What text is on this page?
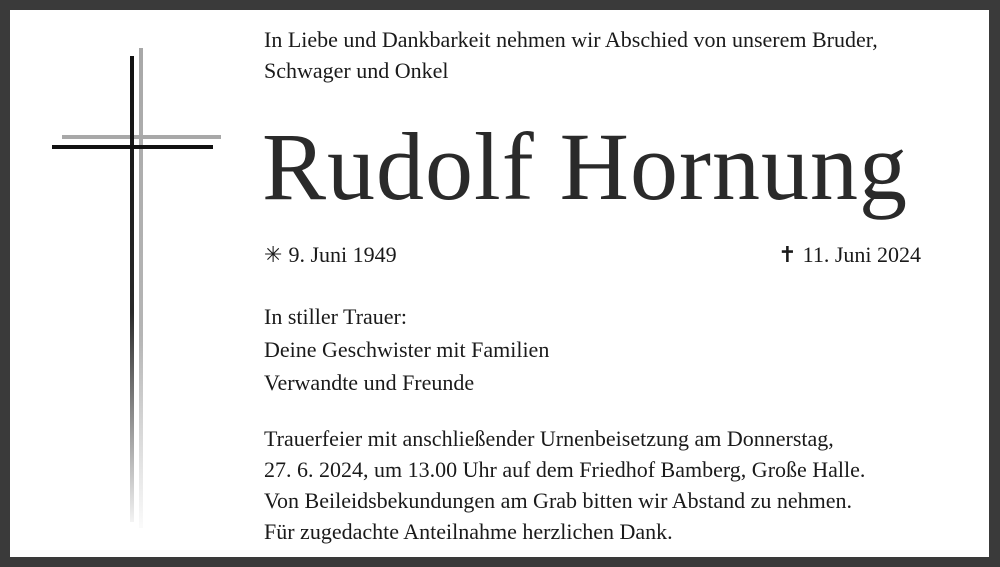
In Liebe und Dankbarkeit nehmen wir Abschied von unserem Bruder,
Schwager und Onkel
Rudolf Hornung
✳ 9. Juni 1949	✝ 11. Juni 2024
In stiller Trauer:
Deine Geschwister mit Familien
Verwandte und Freunde
Trauerfeier mit anschließender Urnenbeisetzung am Donnerstag,
27. 6. 2024, um 13.00 Uhr auf dem Friedhof Bamberg, Große Halle.
Von Beileidsbekundungen am Grab bitten wir Abstand zu nehmen.
Für zugedachte Anteilnahme herzlichen Dank.
